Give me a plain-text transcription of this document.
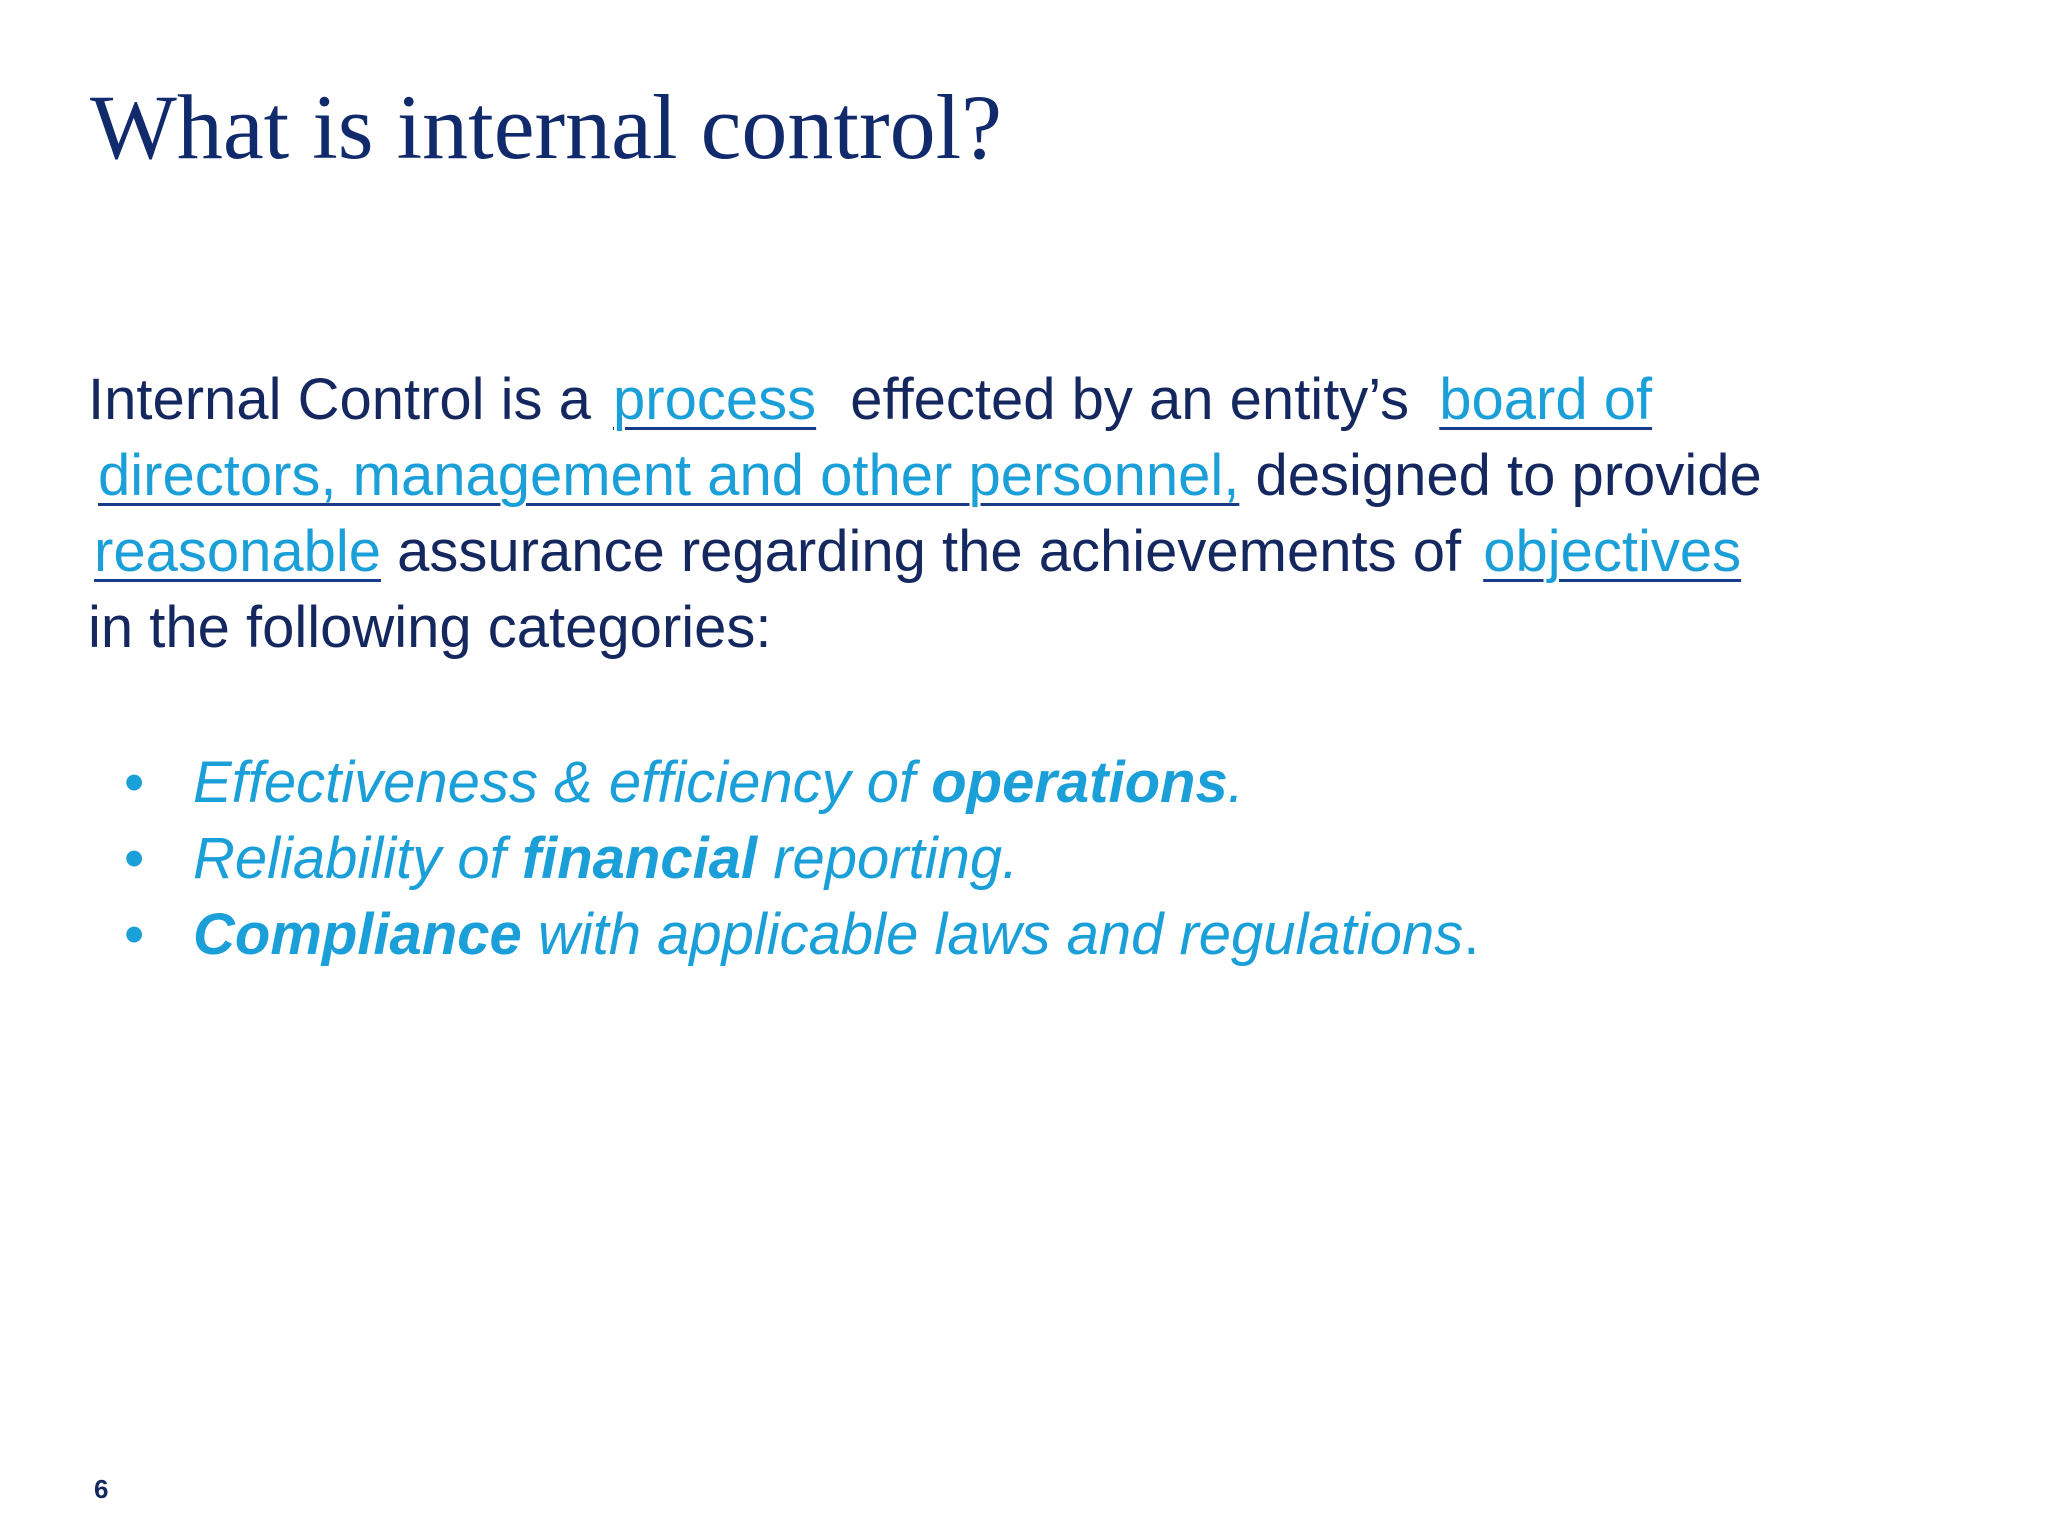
What is internal control?

Internal Control is a process effected by an entity’s board of

directors, management and other personnel, designed to provide

reasonable assurance regarding the achievements of objectives

in the following categories:

• Effectiveness & efficiency of operations.
• Reliability of financial reporting.
• Compliance with applicable laws and regulations.
6
